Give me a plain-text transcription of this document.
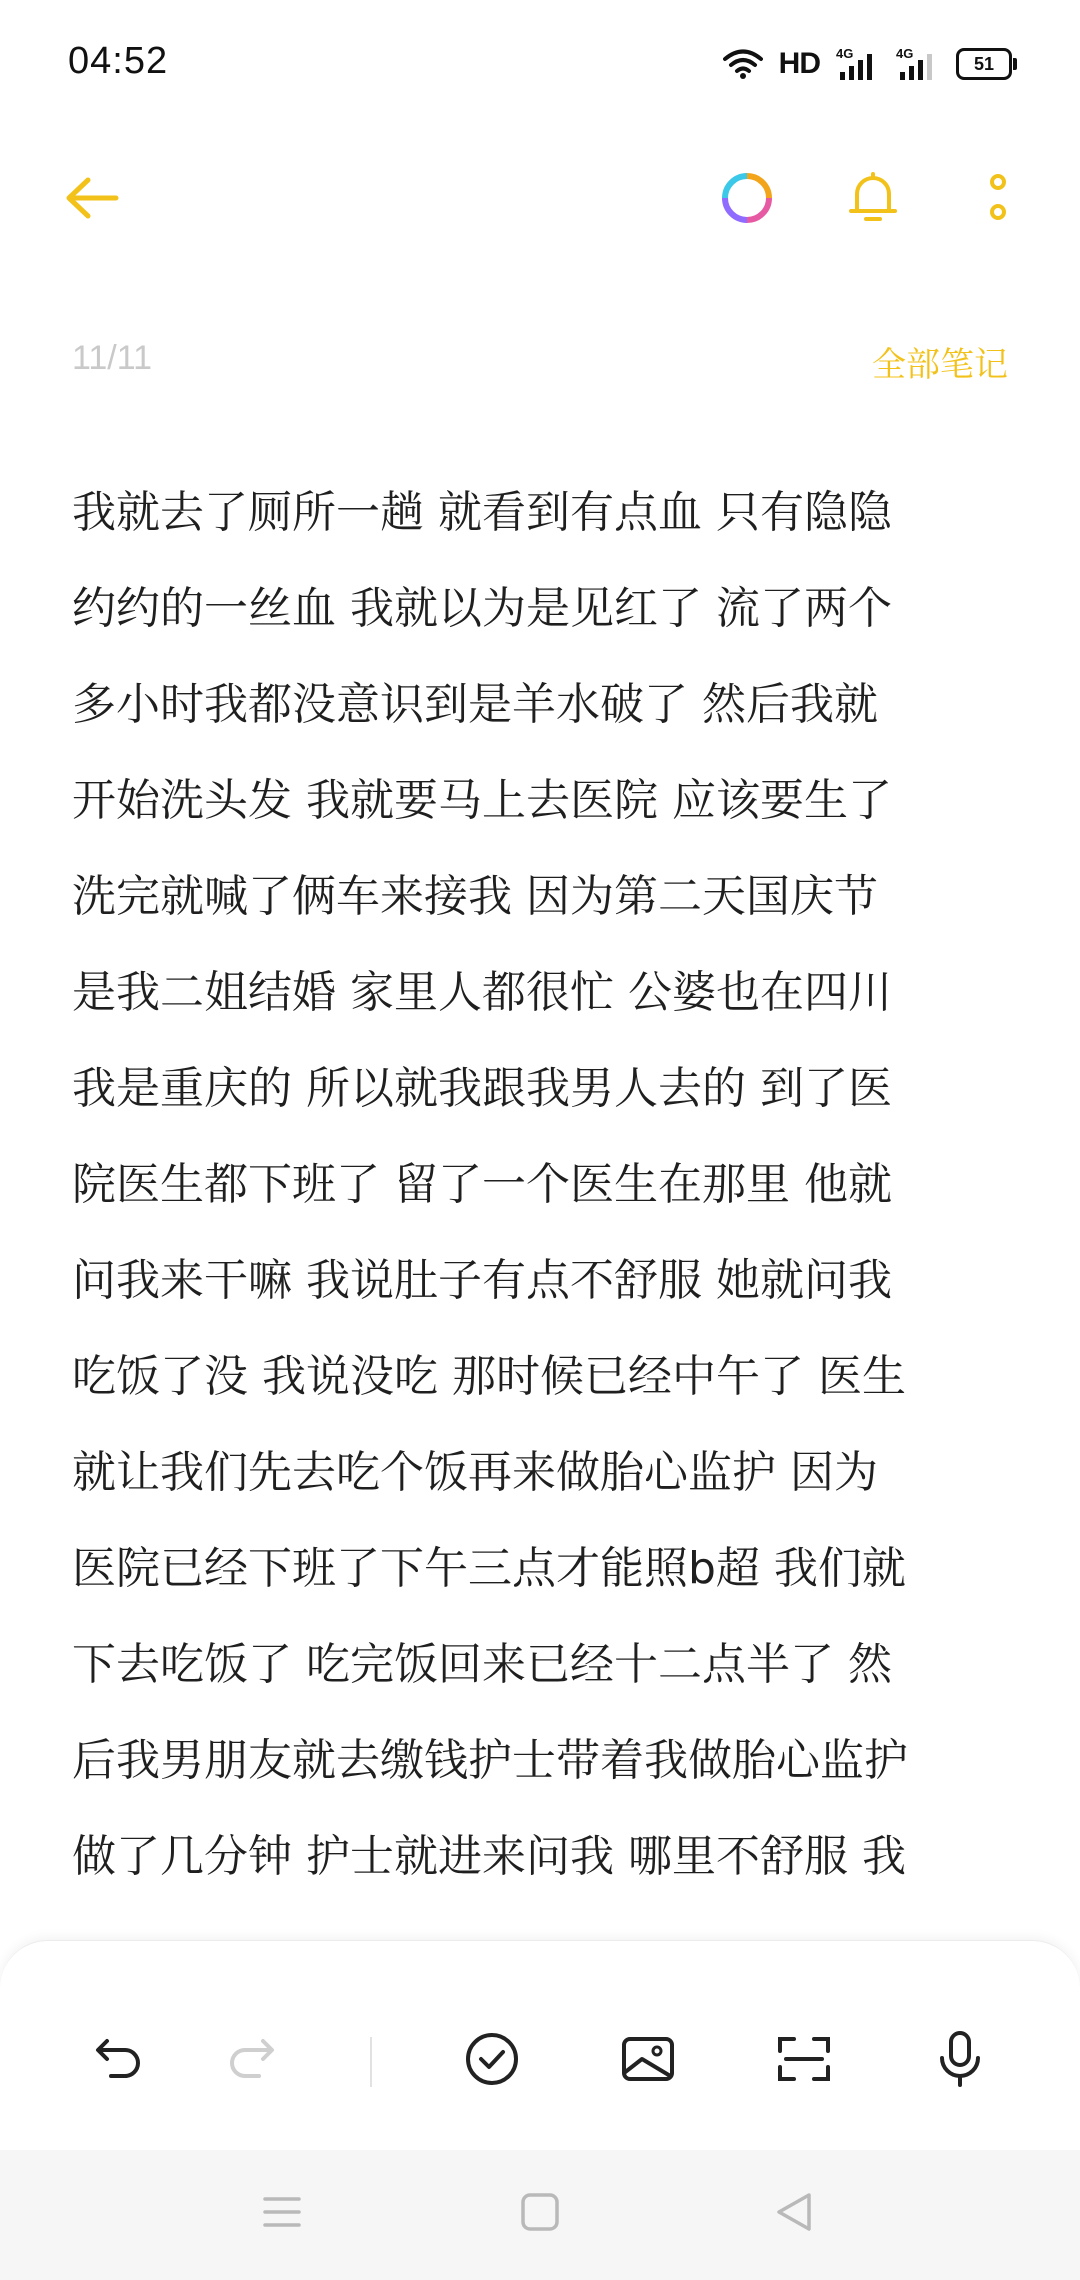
04:52	HD 4G	4G	51
11/11	全部笔记
我就去了厕所一趟 就看到有点血 只有隐隐
约约的一丝血 我就以为是见红了 流了两个
多小时我都没意识到是羊水破了 然后我就
开始洗头发 我就要马上去医院 应该要生了
洗完就喊了俩车来接我 因为第二天国庆节
是我二姐结婚 家里人都很忙 公婆也在四川
我是重庆的 所以就我跟我男人去的 到了医
院医生都下班了 留了一个医生在那里 他就
问我来干嘛 我说肚子有点不舒服 她就问我
吃饭了没 我说没吃 那时候已经中午了 医生
就让我们先去吃个饭再来做胎心监护 因为
医院已经下班了下午三点才能照b超 我们就
下去吃饭了 吃完饭回来已经十二点半了 然
后我男朋友就去缴钱护士带着我做胎心监护
做了几分钟 护士就进来问我 哪里不舒服 我
